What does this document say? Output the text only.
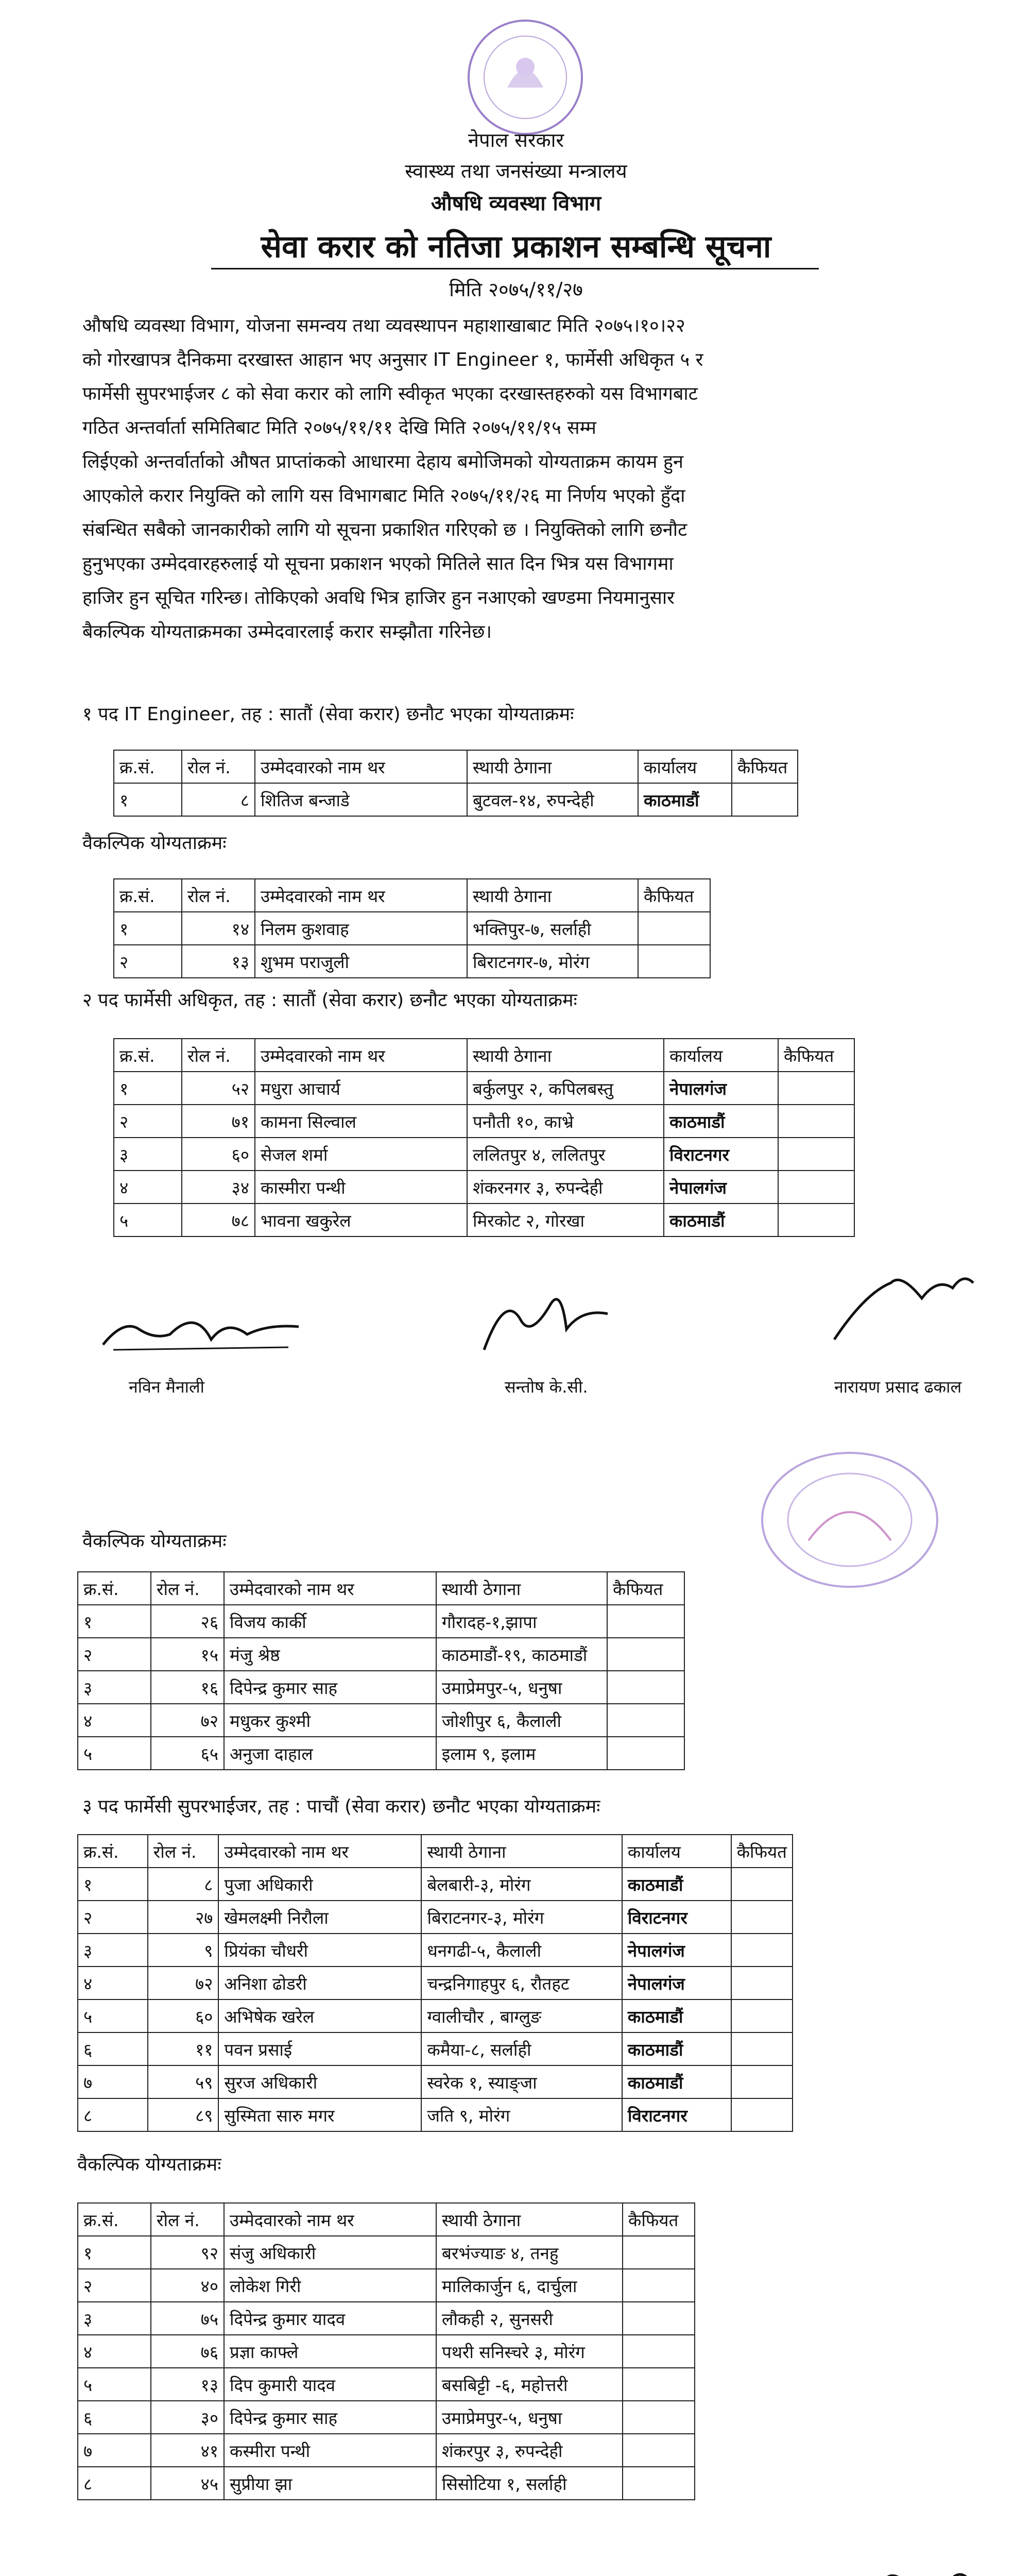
नेपाल सरकार
स्वास्थ्य तथा जनसंख्या मन्त्रालय
औषधि व्यवस्था विभाग
सेवा करार को नतिजा प्रकाशन सम्बन्धि सूचना
मिति २०७५/११/२७
औषधि व्यवस्था विभाग, योजना समन्वय तथा व्यवस्थापन महाशाखाबाट मिति २०७५।१०।२२
को गोरखापत्र दैनिकमा दरखास्त आहान भए अनुसार IT Engineer १, फार्मेसी अधिकृत ५ र
फार्मेसी सुपरभाईजर ८ को सेवा करार को लागि स्वीकृत भएका दरखास्तहरुको यस विभागबाट
गठित अन्तर्वार्ता समितिबाट मिति २०७५/११/११ देखि मिति २०७५/११/१५ सम्म
लिईएको अन्तर्वार्ताको औषत प्राप्तांकको आधारमा देहाय बमोजिमको योग्यताक्रम कायम हुन
आएकोले करार नियुक्ति को लागि यस विभागबाट मिति २०७५/११/२६ मा निर्णय भएको हुँदा
संबन्धित सबैको जानकारीको लागि यो सूचना प्रकाशित गरिएको छ । नियुक्तिको लागि छनौट
हुनुभएका उम्मेदवारहरुलाई यो सूचना प्रकाशन भएको मितिले सात दिन भित्र यस विभागमा
हाजिर हुन सूचित गरिन्छ। तोकिएको अवधि भित्र हाजिर हुन नआएको खण्डमा नियमानुसार
बैकल्पिक योग्यताक्रमका उम्मेदवारलाई करार सम्झौता गरिनेछ।
१ पद IT Engineer, तह : सातौं (सेवा करार) छनौट भएका योग्यताक्रमः
क्र.सं.	रोल नं.	उम्मेदवारको नाम थर	स्थायी ठेगाना	कार्यालय	कैफियत
१	८	शितिज बन्जाडे	बुटवल-१४, रुपन्देही	काठमाडौं	
वैकल्पिक योग्यताक्रमः
क्र.सं.	रोल नं.	उम्मेदवारको नाम थर	स्थायी ठेगाना	कैफियत
१	१४	निलम कुशवाह	भक्तिपुर-७, सर्लाही	
२	१३	शुभम पराजुली	बिराटनगर-७, मोरंग	
२ पद फार्मेसी अधिकृत, तह : सातौं (सेवा करार) छनौट भएका योग्यताक्रमः
क्र.सं.	रोल नं.	उम्मेदवारको नाम थर	स्थायी ठेगाना	कार्यालय	कैफियत
१	५२	मधुरा आचार्य	बर्कुलपुर २, कपिलबस्तु	नेपालगंज	
२	७१	कामना सिल्वाल	पनौती १०, काभ्रे	काठमाडौं	
३	६०	सेजल शर्मा	ललितपुर ४, ललितपुर	विराटनगर	
४	३४	कास्मीरा पन्थी	शंकरनगर ३, रुपन्देही	नेपालगंज	
५	७८	भावना खकुरेल	मिरकोट २, गोरखा	काठमाडौं	
नविन मैनाली	सन्तोष के.सी.	नारायण प्रसाद ढकाल
वैकल्पिक योग्यताक्रमः
क्र.सं.	रोल नं.	उम्मेदवारको नाम थर	स्थायी ठेगाना	कैफियत
१	२६	विजय कार्की	गौरादह-१,झापा	
२	१५	मंजु श्रेष्ठ	काठमाडौं-१९, काठमाडौं	
३	१६	दिपेन्द्र कुमार साह	उमाप्रेमपुर-५, धनुषा	
४	७२	मधुकर कुश्मी	जोशीपुर ६, कैलाली	
५	६५	अनुजा दाहाल	इलाम ९, इलाम	
३ पद फार्मेसी सुपरभाईजर, तह : पाचौं (सेवा करार) छनौट भएका योग्यताक्रमः
क्र.सं.	रोल नं.	उम्मेदवारको नाम थर	स्थायी ठेगाना	कार्यालय	कैफियत
१	८	पुजा अधिकारी	बेलबारी-३, मोरंग	काठमाडौं	
२	२७	खेमलक्ष्मी निरौला	बिराटनगर-३, मोरंग	विराटनगर	
३	९	प्रियंका चौधरी	धनगढी-५, कैलाली	नेपालगंज	
४	७२	अनिशा ढोडरी	चन्द्रनिगाहपुर ६, रौतहट	नेपालगंज	
५	६०	अभिषेक खरेल	ग्वालीचौर , बाग्लुङ	काठमाडौं	
६	११	पवन प्रसाई	कमैया-८, सर्लाही	काठमाडौं	
७	५९	सुरज अधिकारी	स्वरेक १, स्याङ्जा	काठमाडौं	
८	८९	सुस्मिता सारु मगर	जति ९, मोरंग	विराटनगर	
वैकल्पिक योग्यताक्रमः
क्र.सं.	रोल नं.	उम्मेदवारको नाम थर	स्थायी ठेगाना	कैफियत
१	९२	संजु अधिकारी	बरभंज्याङ ४, तनहु	
२	४०	लोकेश गिरी	मालिकार्जुन ६, दार्चुला	
३	७५	दिपेन्द्र कुमार यादव	लौकही २, सुनसरी	
४	७६	प्रज्ञा काफ्ले	पथरी सनिस्चरे ३, मोरंग	
५	१३	दिप कुमारी यादव	बसबिट्टी -६, महोत्तरी	
६	३०	दिपेन्द्र कुमार साह	उमाप्रेमपुर-५, धनुषा	
७	४१	कस्मीरा पन्थी	शंकरपुर ३, रुपन्देही	
८	४५	सुप्रीया झा	सिसोटिया १, सर्लाही	
